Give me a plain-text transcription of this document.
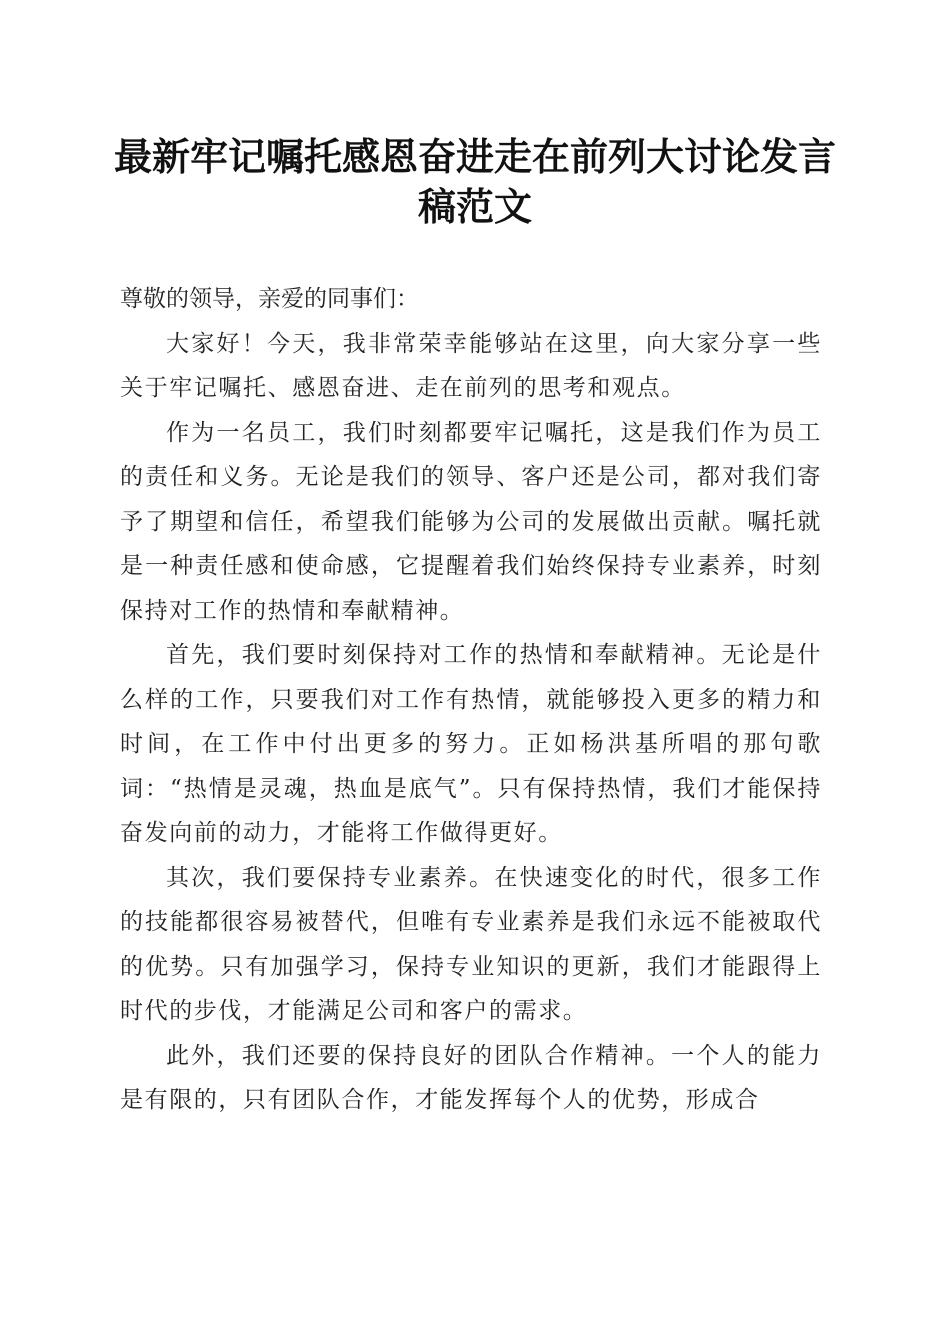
最新牢记嘱托感恩奋进走在前列大讨论发言稿范文

尊敬的领导，亲爱的同事们：

大家好！今天，我非常荣幸能够站在这里，向大家分享一些关于牢记嘱托、感恩奋进、走在前列的思考和观点。

作为一名员工，我们时刻都要牢记嘱托，这是我们作为员工的责任和义务。无论是我们的领导、客户还是公司，都对我们寄予了期望和信任，希望我们能够为公司的发展做出贡献。嘱托就是一种责任感和使命感，它提醒着我们始终保持专业素养，时刻保持对工作的热情和奉献精神。

首先，我们要时刻保持对工作的热情和奉献精神。无论是什么样的工作，只要我们对工作有热情，就能够投入更多的精力和时间，在工作中付出更多的努力。正如杨洪基所唱的那句歌词：“热情是灵魂，热血是底气”。只有保持热情，我们才能保持奋发向前的动力，才能将工作做得更好。

其次，我们要保持专业素养。在快速变化的时代，很多工作的技能都很容易被替代，但唯有专业素养是我们永远不能被取代的优势。只有加强学习，保持专业知识的更新，我们才能跟得上时代的步伐，才能满足公司和客户的需求。

此外，我们还要的保持良好的团队合作精神。一个人的能力是有限的，只有团队合作，才能发挥每个人的优势，形成合
